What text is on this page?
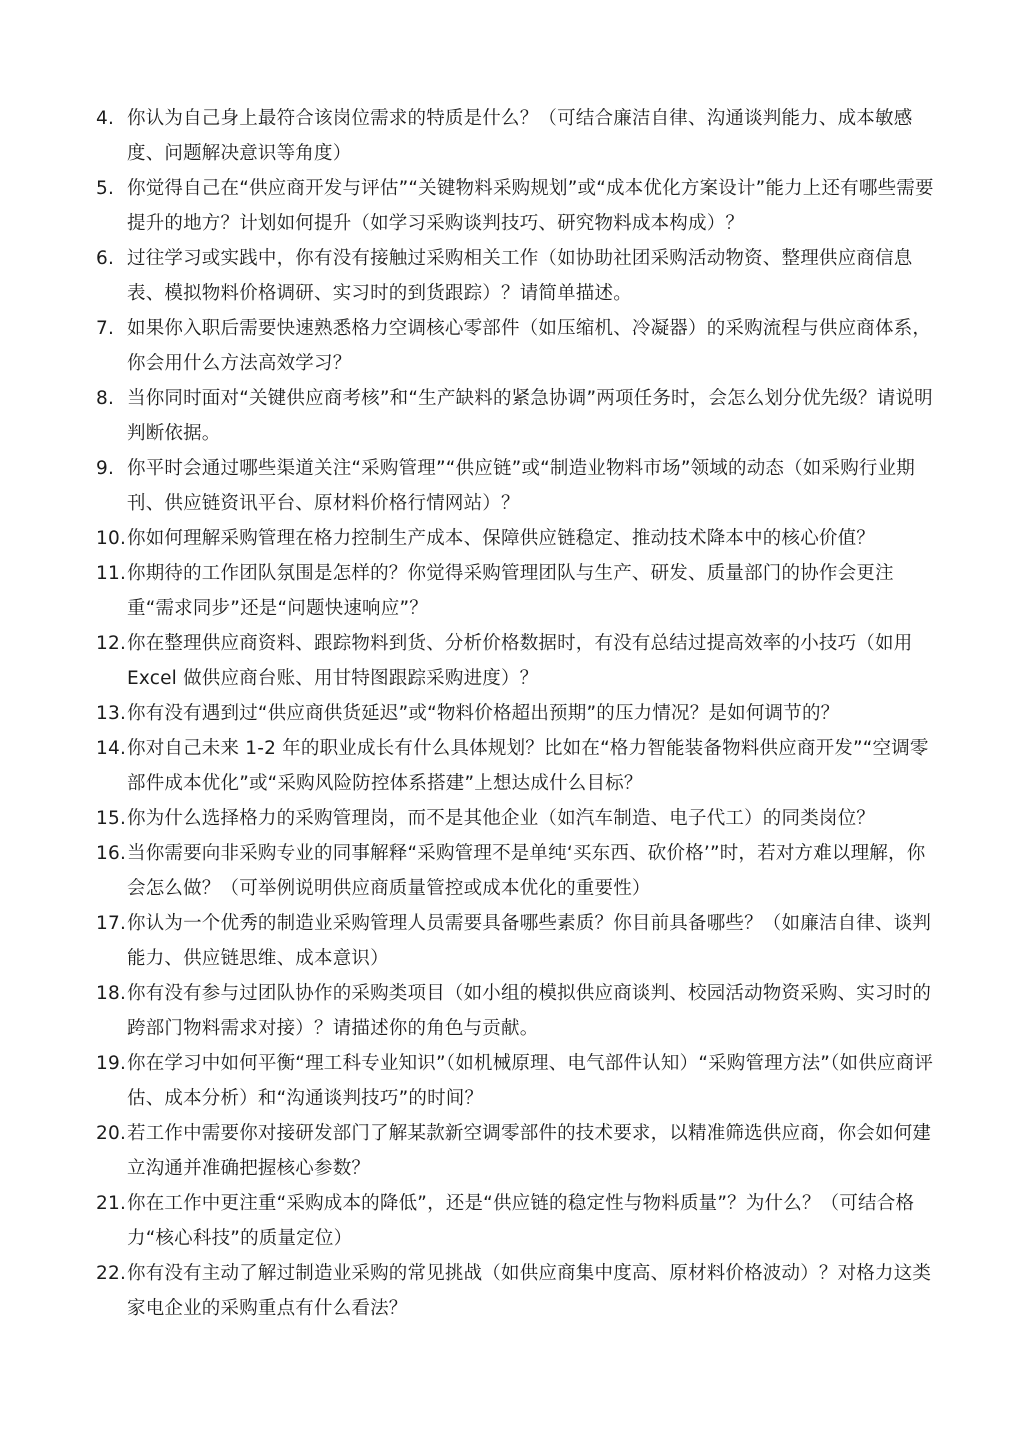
4. 你认为自己身上最符合该岗位需求的特质是什么？（可结合廉洁自律、沟通谈判能力、成本敏感度、问题解决意识等角度）
5. 你觉得自己在“供应商开发与评估”“关键物料采购规划”或“成本优化方案设计”能力上还有哪些需要提升的地方？计划如何提升（如学习采购谈判技巧、研究物料成本构成）？
6. 过往学习或实践中，你有没有接触过采购相关工作（如协助社团采购活动物资、整理供应商信息表、模拟物料价格调研、实习时的到货跟踪）？请简单描述。
7. 如果你入职后需要快速熟悉格力空调核心零部件（如压缩机、冷凝器）的采购流程与供应商体系，你会用什么方法高效学习？
8. 当你同时面对“关键供应商考核”和“生产缺料的紧急协调”两项任务时，会怎么划分优先级？请说明判断依据。
9. 你平时会通过哪些渠道关注“采购管理”“供应链”或“制造业物料市场”领域的动态（如采购行业期刊、供应链资讯平台、原材料价格行情网站）？
10. 你如何理解采购管理在格力控制生产成本、保障供应链稳定、推动技术降本中的核心价值？
11. 你期待的工作团队氛围是怎样的？你觉得采购管理团队与生产、研发、质量部门的协作会更注重“需求同步”还是“问题快速响应”？
12. 你在整理供应商资料、跟踪物料到货、分析价格数据时，有没有总结过提高效率的小技巧（如用 Excel 做供应商台账、用甘特图跟踪采购进度）？
13. 你有没有遇到过“供应商供货延迟”或“物料价格超出预期”的压力情况？是如何调节的？
14. 你对自己未来 1-2 年的职业成长有什么具体规划？比如在“格力智能装备物料供应商开发”“空调零部件成本优化”或“采购风险防控体系搭建”上想达成什么目标？
15. 你为什么选择格力的采购管理岗，而不是其他企业（如汽车制造、电子代工）的同类岗位？
16. 当你需要向非采购专业的同事解释“采购管理不是单纯‘买东西、砍价格’”时，若对方难以理解，你会怎么做？（可举例说明供应商质量管控或成本优化的重要性）
17. 你认为一个优秀的制造业采购管理人员需要具备哪些素质？你目前具备哪些？（如廉洁自律、谈判能力、供应链思维、成本意识）
18. 你有没有参与过团队协作的采购类项目（如小组的模拟供应商谈判、校园活动物资采购、实习时的跨部门物料需求对接）？请描述你的角色与贡献。
19. 你在学习中如何平衡“理工科专业知识”（如机械原理、电气部件认知）“采购管理方法”（如供应商评估、成本分析）和“沟通谈判技巧”的时间？
20. 若工作中需要你对接研发部门了解某款新空调零部件的技术要求，以精准筛选供应商，你会如何建立沟通并准确把握核心参数？
21. 你在工作中更注重“采购成本的降低”，还是“供应链的稳定性与物料质量”？为什么？（可结合格力“核心科技”的质量定位）
22. 你有没有主动了解过制造业采购的常见挑战（如供应商集中度高、原材料价格波动）？对格力这类家电企业的采购重点有什么看法？
